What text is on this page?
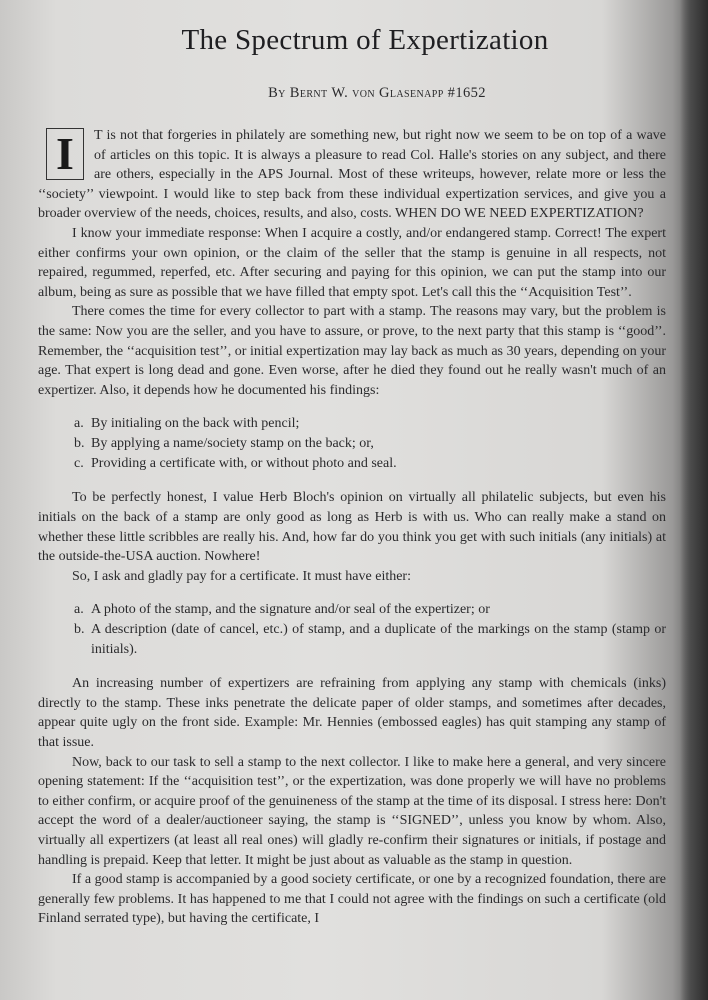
The Spectrum of Expertization
By Bernt W. von Glasenapp #1652

I	T is not that forgeries in philately are something new, but right now we seem to be on top of a wave of articles on this topic. It is always a pleasure to read Col. Halle's stories on any subject, and there are others, especially in the APS Journal. Most of these writeups, however, relate more or less the ‘‘society’’ viewpoint. I would like to step back from these individual expertization services, and give you a broader overview of the needs, choices, results, and also, costs. WHEN DO WE NEED EXPERTIZATION?

I know your immediate response: When I acquire a costly, and/or endangered stamp. Correct! The expert either confirms your own opinion, or the claim of the seller that the stamp is genuine in all respects, not repaired, regummed, reperfed, etc. After securing and paying for this opinion, we can put the stamp into our album, being as sure as possible that we have filled that empty spot. Let's call this the ‘‘Acquisition Test’’.

There comes the time for every collector to part with a stamp. The reasons may vary, but the problem is the same: Now you are the seller, and you have to assure, or prove, to the next party that this stamp is ‘‘good’’. Remember, the ‘‘acquisition test’’, or initial expertization may lay back as much as 30 years, depending on your age. That expert is long dead and gone. Even worse, after he died they found out he really wasn't much of an expertizer. Also, it depends how he documented his findings:

a. By initialing on the back with pencil;
b. By applying a name/society stamp on the back; or,
c. Providing a certificate with, or without photo and seal.

To be perfectly honest, I value Herb Bloch's opinion on virtually all philatelic subjects, but even his initials on the back of a stamp are only good as long as Herb is with us. Who can really make a stand on whether these little scribbles are really his. And, how far do you think you get with such initials (any initials) at the outside-the-USA auction. Nowhere!

So, I ask and gladly pay for a certificate. It must have either:

a. A photo of the stamp, and the signature and/or seal of the expertizer; or
b. A description (date of cancel, etc.) of stamp, and a duplicate of the markings on the stamp (stamp or initials).

An increasing number of expertizers are refraining from applying any stamp with chemicals (inks) directly to the stamp. These inks penetrate the delicate paper of older stamps, and sometimes after decades, appear quite ugly on the front side. Example: Mr. Hennies (embossed eagles) has quit stamping any stamp of that issue.

Now, back to our task to sell a stamp to the next collector. I like to make here a general, and very sincere opening statement: If the ‘‘acquisition test’’, or the expertization, was done properly we will have no problems to either confirm, or acquire proof of the genuineness of the stamp at the time of its disposal. I stress here: Don't accept the word of a dealer/auctioneer saying, the stamp is ‘‘SIGNED’’, unless you know by whom. Also, virtually all expertizers (at least all real ones) will gladly re-confirm their signatures or initials, if postage and handling is prepaid. Keep that letter. It might be just about as valuable as the stamp in question.

If a good stamp is accompanied by a good society certificate, or one by a recognized foundation, there are generally few problems. It has happened to me that I could not agree with the findings on such a certificate (old Finland serrated type), but having the certificate, I
